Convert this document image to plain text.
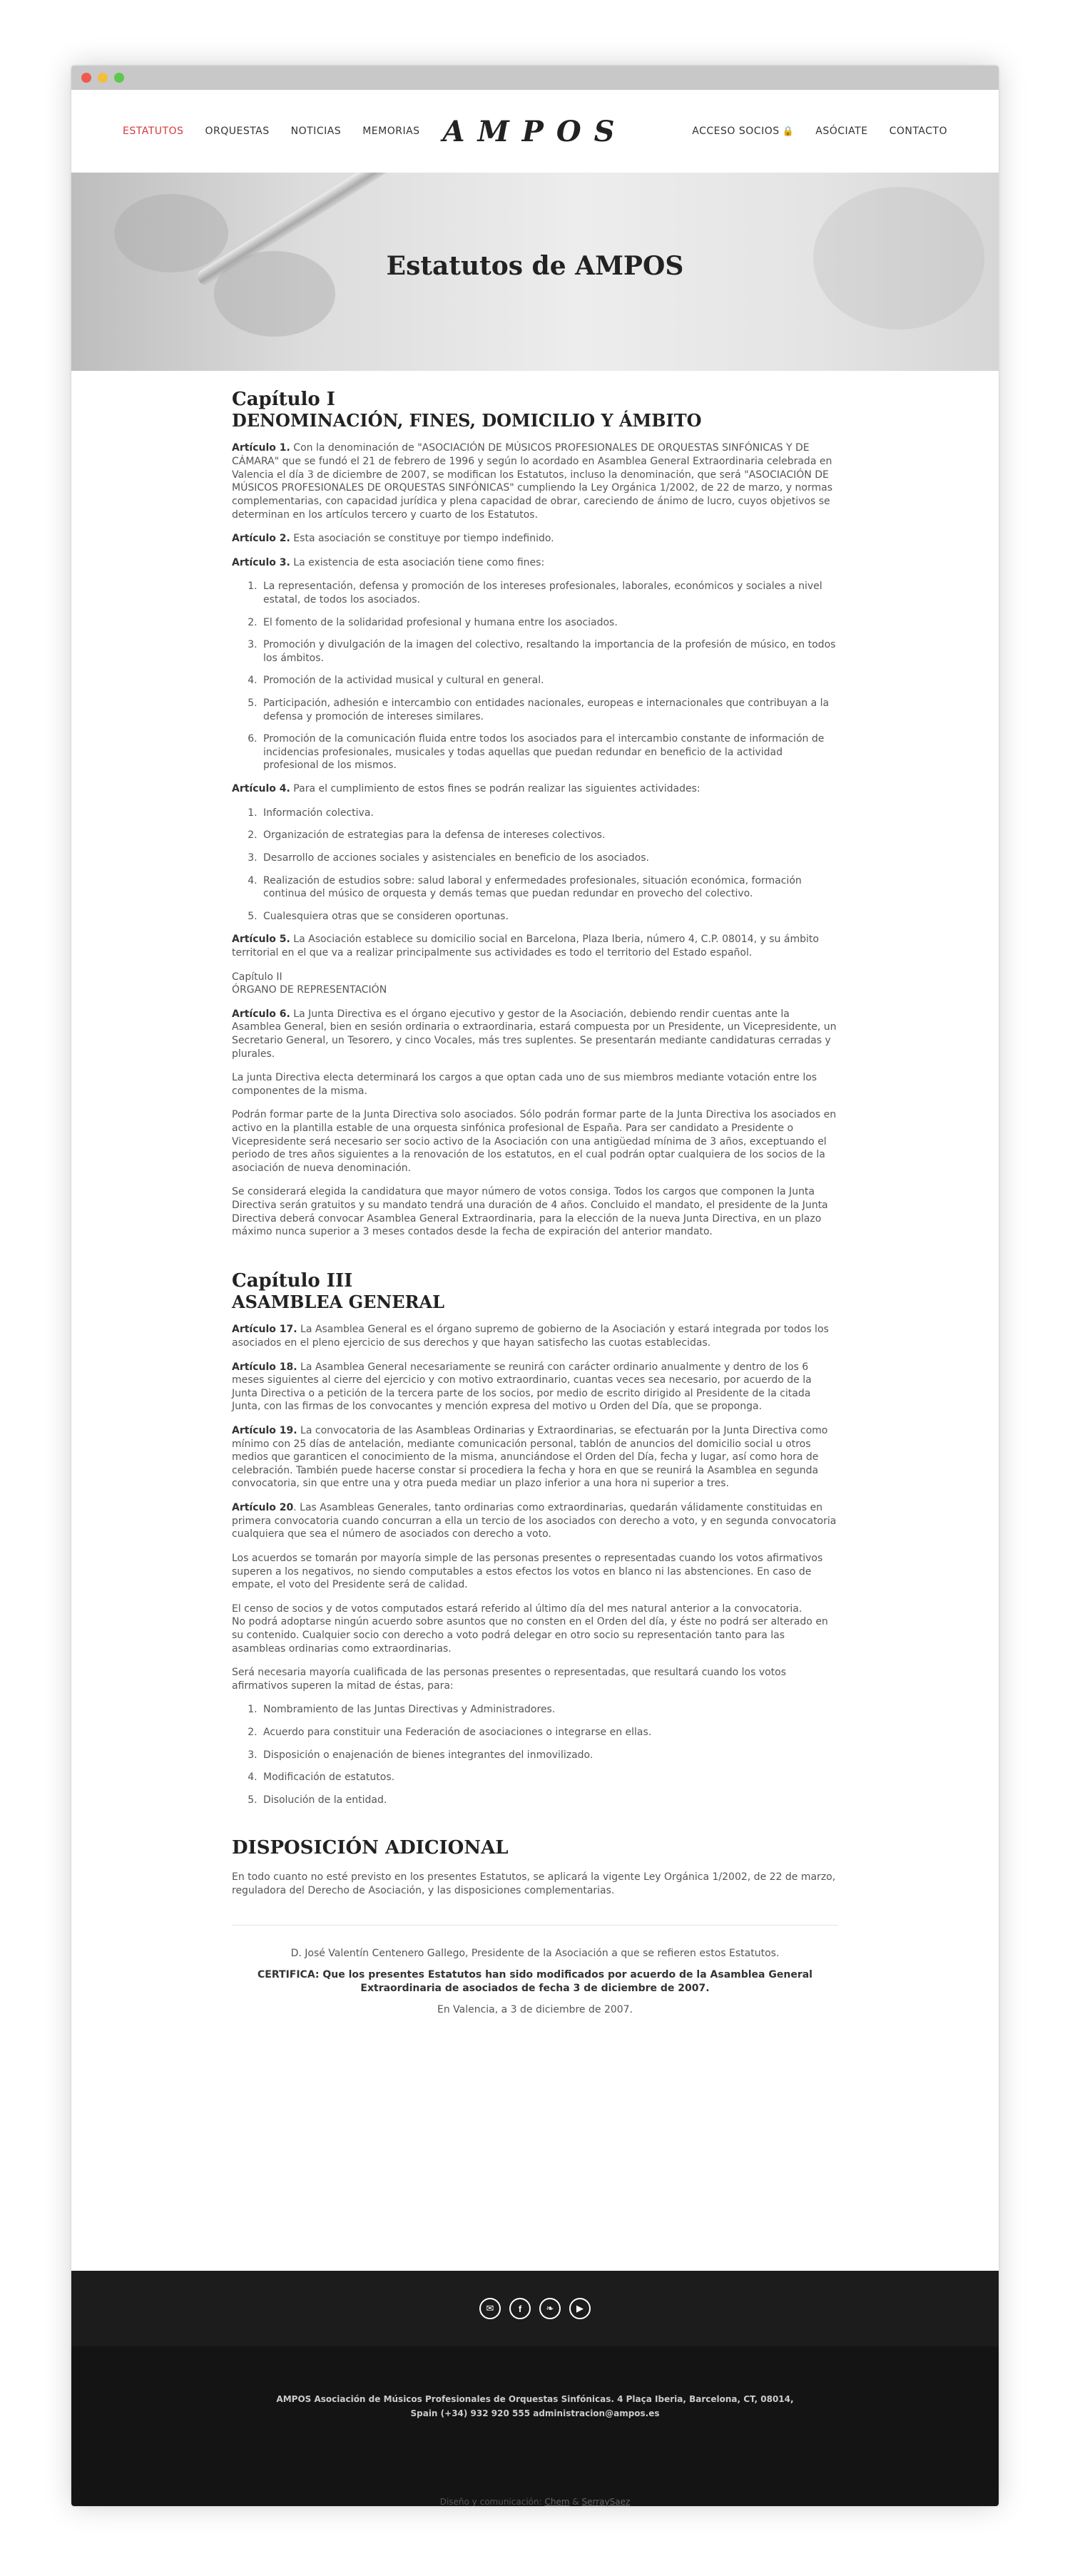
ESTATUTOS ORQUESTAS NOTICIAS MEMORIAS AMPOS	ACCESO SOCIOS 🔒 ASÓCIATE CONTACTO
Estatutos de AMPOS
Capítulo I
DENOMINACIÓN, FINES, DOMICILIO Y ÁMBITO

Artículo 1. Con la denominación de "ASOCIACIÓN DE MÚSICOS PROFESIONALES DE ORQUESTAS SINFÓNICAS Y DE CÁMARA" que se fundó el 21 de febrero de 1996 y según lo acordado en Asamblea General Extraordinaria celebrada en Valencia el día 3 de diciembre de 2007, se modifican los Estatutos, incluso la denominación, que será "ASOCIACIÓN DE MÚSICOS PROFESIONALES DE ORQUESTAS SINFÓNICAS" cumpliendo la Ley Orgánica 1/2002, de 22 de marzo, y normas complementarias, con capacidad jurídica y plena capacidad de obrar, careciendo de ánimo de lucro, cuyos objetivos se determinan en los artículos tercero y cuarto de los Estatutos.

Artículo 2. Esta asociación se constituye por tiempo indefinido.

Artículo 3. La existencia de esta asociación tiene como fines:

1. La representación, defensa y promoción de los intereses profesionales, laborales, económicos y sociales a nivel estatal, de todos los asociados.
2. El fomento de la solidaridad profesional y humana entre los asociados.
3. Promoción y divulgación de la imagen del colectivo, resaltando la importancia de la profesión de músico, en todos los ámbitos.
4. Promoción de la actividad musical y cultural en general.
5. Participación, adhesión e intercambio con entidades nacionales, europeas e internacionales que contribuyan a la defensa y promoción de intereses similares.
6. Promoción de la comunicación fluida entre todos los asociados para el intercambio constante de información de incidencias profesionales, musicales y todas aquellas que puedan redundar en beneficio de la actividad profesional de los mismos.

Artículo 4. Para el cumplimiento de estos fines se podrán realizar las siguientes actividades:

1. Información colectiva.
2. Organización de estrategias para la defensa de intereses colectivos.
3. Desarrollo de acciones sociales y asistenciales en beneficio de los asociados.
4. Realización de estudios sobre: salud laboral y enfermedades profesionales, situación económica, formación continua del músico de orquesta y demás temas que puedan redundar en provecho del colectivo.
5. Cualesquiera otras que se consideren oportunas.

Artículo 5. La Asociación establece su domicilio social en Barcelona, Plaza Iberia, número 4, C.P. 08014, y su ámbito territorial en el que va a realizar principalmente sus actividades es todo el territorio del Estado español.

Capítulo II
ÓRGANO DE REPRESENTACIÓN

Artículo 6. La Junta Directiva es el órgano ejecutivo y gestor de la Asociación, debiendo rendir cuentas ante la Asamblea General, bien en sesión ordinaria o extraordinaria, estará compuesta por un Presidente, un Vicepresidente, un Secretario General, un Tesorero, y cinco Vocales, más tres suplentes. Se presentarán mediante candidaturas cerradas y plurales.

La junta Directiva electa determinará los cargos a que optan cada uno de sus miembros mediante votación entre los componentes de la misma.

Podrán formar parte de la Junta Directiva solo asociados. Sólo podrán formar parte de la Junta Directiva los asociados en activo en la plantilla estable de una orquesta sinfónica profesional de España. Para ser candidato a Presidente o Vicepresidente será necesario ser socio activo de la Asociación con una antigüedad mínima de 3 años, exceptuando el periodo de tres años siguientes a la renovación de los estatutos, en el cual podrán optar cualquiera de los socios de la asociación de nueva denominación.

Se considerará elegida la candidatura que mayor número de votos consiga. Todos los cargos que componen la Junta Directiva serán gratuitos y su mandato tendrá una duración de 4 años. Concluido el mandato, el presidente de la Junta Directiva deberá convocar Asamblea General Extraordinaria, para la elección de la nueva Junta Directiva, en un plazo máximo nunca superior a 3 meses contados desde la fecha de expiración del anterior mandato.

Capítulo III
ASAMBLEA GENERAL

Artículo 17. La Asamblea General es el órgano supremo de gobierno de la Asociación y estará integrada por todos los asociados en el pleno ejercicio de sus derechos y que hayan satisfecho las cuotas establecidas.

Artículo 18. La Asamblea General necesariamente se reunirá con carácter ordinario anualmente y dentro de los 6 meses siguientes al cierre del ejercicio y con motivo extraordinario, cuantas veces sea necesario, por acuerdo de la Junta Directiva o a petición de la tercera parte de los socios, por medio de escrito dirigido al Presidente de la citada Junta, con las firmas de los convocantes y mención expresa del motivo u Orden del Día, que se proponga.

Artículo 19. La convocatoria de las Asambleas Ordinarias y Extraordinarias, se efectuarán por la Junta Directiva como mínimo con 25 días de antelación, mediante comunicación personal, tablón de anuncios del domicilio social u otros medios que garanticen el conocimiento de la misma, anunciándose el Orden del Día, fecha y lugar, así como hora de celebración. También puede hacerse constar si procediera la fecha y hora en que se reunirá la Asamblea en segunda convocatoria, sin que entre una y otra pueda mediar un plazo inferior a una hora ni superior a tres.

Artículo 20. Las Asambleas Generales, tanto ordinarias como extraordinarias, quedarán válidamente constituidas en primera convocatoria cuando concurran a ella un tercio de los asociados con derecho a voto, y en segunda convocatoria cualquiera que sea el número de asociados con derecho a voto.

Los acuerdos se tomarán por mayoría simple de las personas presentes o representadas cuando los votos afirmativos superen a los negativos, no siendo computables a estos efectos los votos en blanco ni las abstenciones. En caso de empate, el voto del Presidente será de calidad.

El censo de socios y de votos computados estará referido al último día del mes natural anterior a la convocatoria.
No podrá adoptarse ningún acuerdo sobre asuntos que no consten en el Orden del día, y éste no podrá ser alterado en su contenido. Cualquier socio con derecho a voto podrá delegar en otro socio su representación tanto para las asambleas ordinarias como extraordinarias.

Será necesaria mayoría cualificada de las personas presentes o representadas, que resultará cuando los votos afirmativos superen la mitad de éstas, para:

1. Nombramiento de las Juntas Directivas y Administradores.
2. Acuerdo para constituir una Federación de asociaciones o integrarse en ellas.
3. Disposición o enajenación de bienes integrantes del inmovilizado.
4. Modificación de estatutos.
5. Disolución de la entidad.
DISPOSICIÓN ADICIONAL

En todo cuanto no esté previsto en los presentes Estatutos, se aplicará la vigente Ley Orgánica 1/2002, de 22 de marzo, reguladora del Derecho de Asociación, y las disposiciones complementarias.

D. José Valentín Centenero Gallego, Presidente de la Asociación a que se refieren estos Estatutos.

CERTIFICA: Que los presentes Estatutos han sido modificados por acuerdo de la Asamblea General Extraordinaria de asociados de fecha 3 de diciembre de 2007.

En Valencia, a 3 de diciembre de 2007.

✉	f	❧	▶
AMPOS Asociación de Músicos Profesionales de Orquestas Sinfónicas. 4 Plaça Iberia, Barcelona, CT, 08014,
Spain (+34) 932 920 555 administracion@ampos.es
Diseño y comunicación: Chem & SerraySaez
